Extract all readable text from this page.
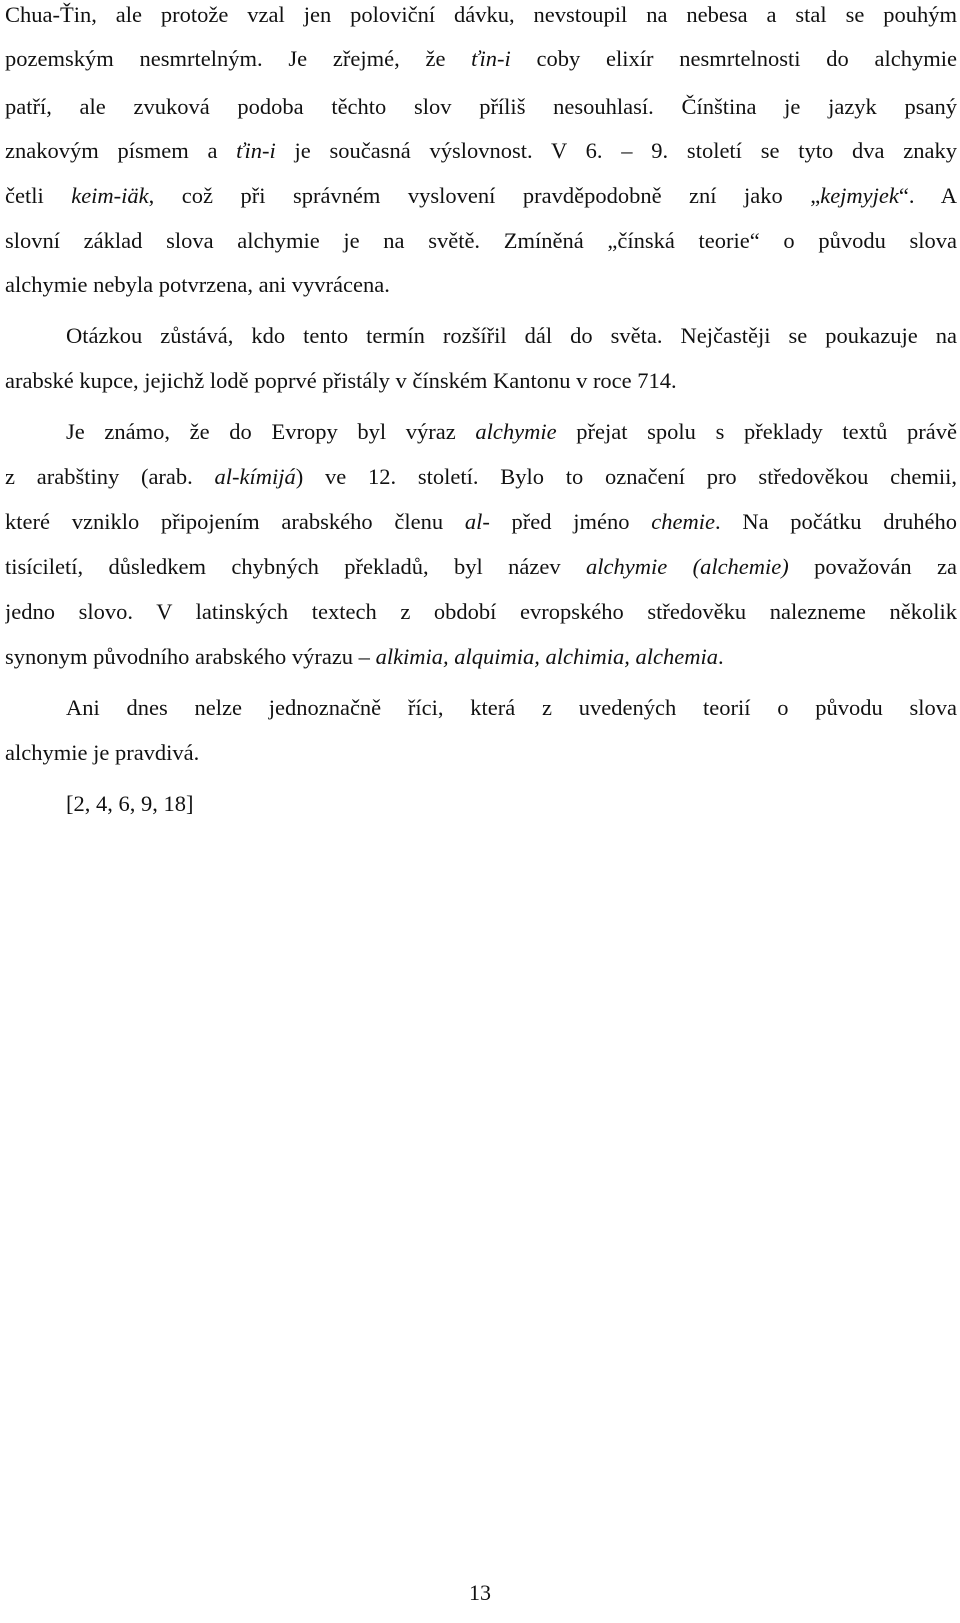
Chua-Ťin, ale protože vzal jen poloviční dávku, nevstoupil na nebesa a stal se pouhým
pozemským nesmrtelným. Je zřejmé, že ťin-i coby elixír nesmrtelnosti do alchymie
patří, ale zvuková podoba těchto slov příliš nesouhlasí. Čínština je jazyk psaný
znakovým písmem a ťin-i je současná výslovnost. V 6. – 9. století se tyto dva znaky
četli keim-iäk, což při správném vyslovení pravděpodobně zní jako „kejmyjek“. A
slovní základ slova alchymie je na světě. Zmíněná „čínská teorie“ o původu slova
alchymie nebyla potvrzena, ani vyvrácena.
Otázkou zůstává, kdo tento termín rozšířil dál do světa. Nejčastěji se poukazuje na
arabské kupce, jejichž lodě poprvé přistály v čínském Kantonu v roce 714.
Je známo, že do Evropy byl výraz alchymie přejat spolu s překlady textů právě
z arabštiny (arab. al-kímijá) ve 12. století. Bylo to označení pro středověkou chemii,
které vzniklo připojením arabského členu al- před jméno chemie. Na počátku druhého
tisíciletí, důsledkem chybných překladů, byl název alchymie (alchemie) považován za
jedno slovo. V latinských textech z období evropského středověku nalezneme několik
synonym původního arabského výrazu – alkimia, alquimia, alchimia, alchemia.
Ani dnes nelze jednoznačně říci, která z uvedených teorií o původu slova
alchymie je pravdivá.
[2, 4, 6, 9, 18]
13
